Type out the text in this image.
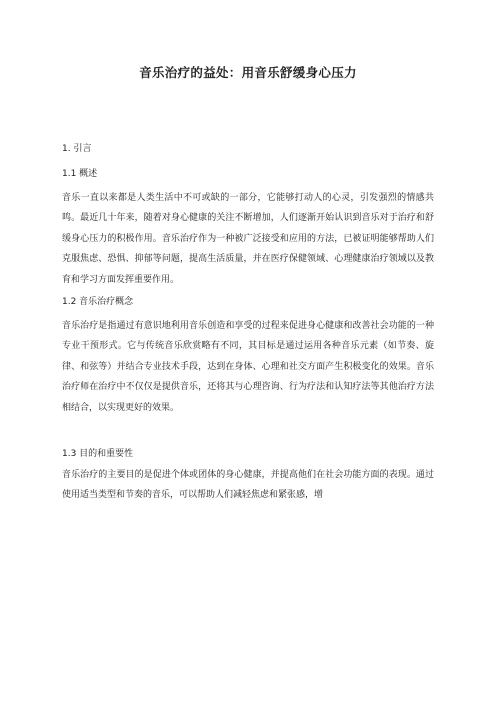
音乐治疗的益处：用音乐舒缓身心压力
1. 引言
1.1 概述
音乐一直以来都是人类生活中不可或缺的一部分，它能够打动人的心灵，引发强烈的情感共鸣。最近几十年来，随着对身心健康的关注不断增加，人们逐渐开始认识到音乐对于治疗和舒缓身心压力的积极作用。音乐治疗作为一种被广泛接受和应用的方法，已被证明能够帮助人们克服焦虑、恐惧、抑郁等问题，提高生活质量，并在医疗保健领域、心理健康治疗领域以及教育和学习方面发挥重要作用。
1.2 音乐治疗概念
音乐治疗是指通过有意识地利用音乐创造和享受的过程来促进身心健康和改善社会功能的一种专业干预形式。它与传统音乐欣赏略有不同，其目标是通过运用各种音乐元素（如节奏、旋律、和弦等）并结合专业技术手段，达到在身体、心理和社交方面产生积极变化的效果。音乐治疗师在治疗中不仅仅是提供音乐，还将其与心理咨询、行为疗法和认知疗法等其他治疗方法相结合，以实现更好的效果。
1.3 目的和重要性
音乐治疗的主要目的是促进个体或团体的身心健康，并提高他们在社会功能方面的表现。通过使用适当类型和节奏的音乐，可以帮助人们减轻焦虑和紧张感，增
